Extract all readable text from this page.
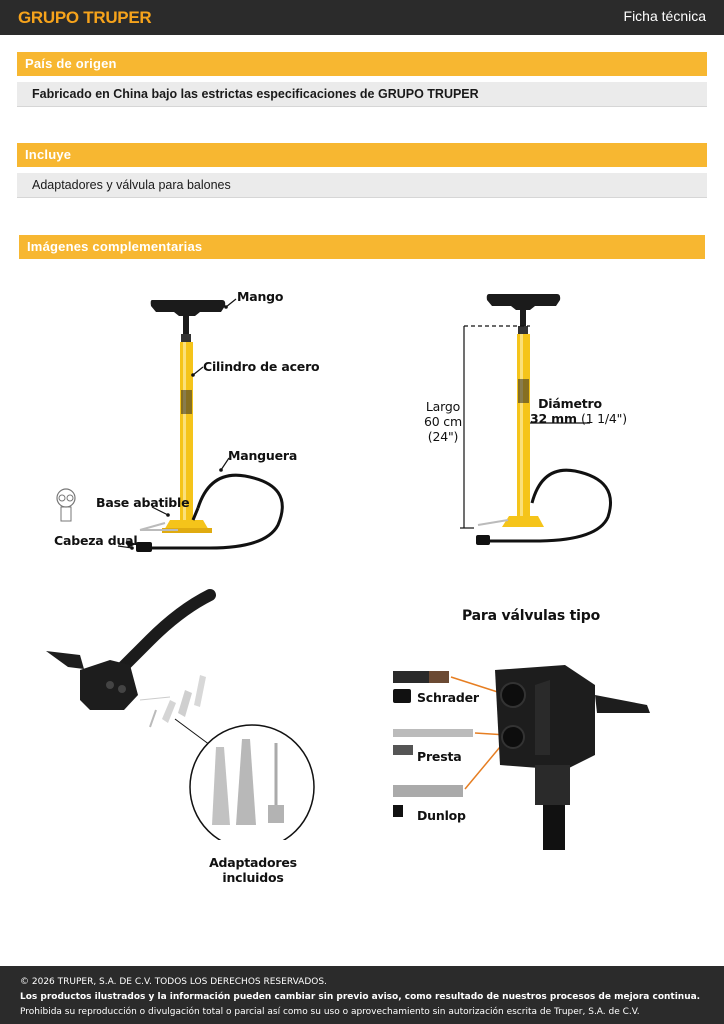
GRUPO TRUPER	Ficha técnica
País de origen
Fabricado en China bajo las estrictas especificaciones de GRUPO TRUPER
Incluye
Adaptadores y válvula para balones
Imágenes complementarias
Mango
Cilindro de acero
Manguera
Base abatible
Cabeza dual
Largo
60 cm
(24")
Diámetro
32 mm (1 1/4")
Adaptadores
incluidos
Para válvulas tipo
Schrader
Presta
Dunlop
© 2026 TRUPER, S.A. DE C.V. TODOS LOS DERECHOS RESERVADOS.
Los productos ilustrados y la información pueden cambiar sin previo aviso, como resultado de nuestros procesos de mejora continua.
Prohibida su reproducción o divulgación total o parcial así como su uso o aprovechamiento sin autorización escrita de Truper, S.A. de C.V.
